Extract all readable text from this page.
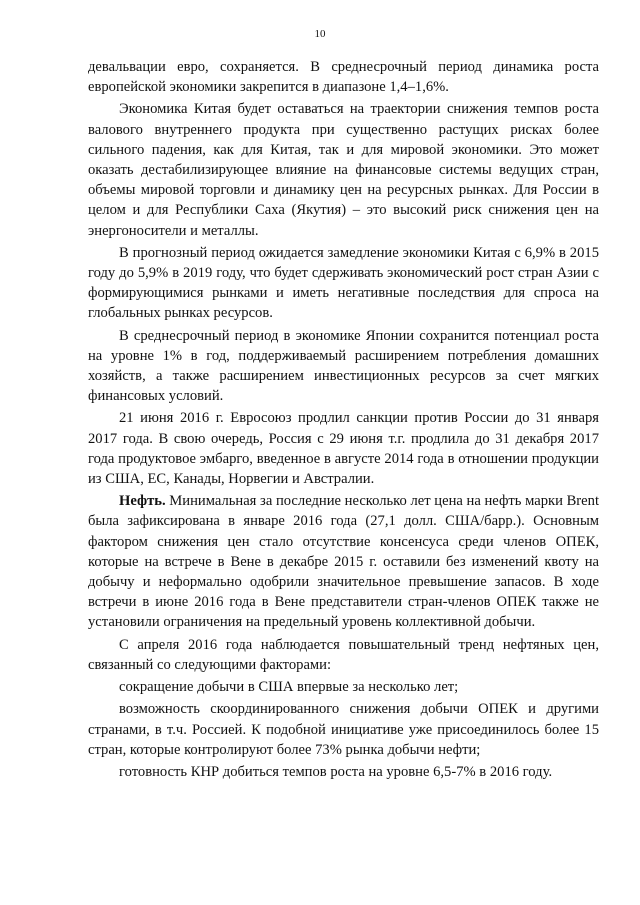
10

девальвации евро, сохраняется. В среднесрочный период динамика роста европейской экономики закрепится в диапазоне 1,4–1,6%.

Экономика Китая будет оставаться на траектории снижения темпов роста валового внутреннего продукта при существенно растущих рисках более сильного падения, как для Китая, так и для мировой экономики. Это может оказать дестабилизирующее влияние на финансовые системы ведущих стран, объемы мировой торговли и динамику цен на ресурсных рынках. Для России в целом и для Республики Саха (Якутия) – это высокий риск снижения цен на энергоносители и металлы.

В прогнозный период ожидается замедление экономики Китая с 6,9% в 2015 году до 5,9% в 2019 году, что будет сдерживать экономический рост стран Азии с формирующимися рынками и иметь негативные последствия для спроса на глобальных рынках ресурсов.

В среднесрочный период в экономике Японии сохранится потенциал роста на уровне 1% в год, поддерживаемый расширением потребления домашних хозяйств, а также расширением инвестиционных ресурсов за счет мягких финансовых условий.

21 июня 2016 г. Евросоюз продлил санкции против России до 31 января 2017 года. В свою очередь, Россия с 29 июня т.г. продлила до 31 декабря 2017 года продуктовое эмбарго, введенное в августе 2014 года в отношении продукции из США, ЕС, Канады, Норвегии и Австралии.

Нефть. Минимальная за последние несколько лет цена на нефть марки Brent была зафиксирована в январе 2016 года (27,1 долл. США/барр.). Основным фактором снижения цен стало отсутствие консенсуса среди членов ОПЕК, которые на встрече в Вене в декабре 2015 г. оставили без изменений квоту на добычу и неформально одобрили значительное превышение запасов. В ходе встречи в июне 2016 года в Вене представители стран-членов ОПЕК также не установили ограничения на предельный уровень коллективной добычи.

С апреля 2016 года наблюдается повышательный тренд нефтяных цен, связанный со следующими факторами:

сокращение добычи в США впервые за несколько лет;

возможность скоординированного снижения добычи ОПЕК и другими странами, в т.ч. Россией. К подобной инициативе уже присоединилось более 15 стран, которые контролируют более 73% рынка добычи нефти;

готовность КНР добиться темпов роста на уровне 6,5-7% в 2016 году.
